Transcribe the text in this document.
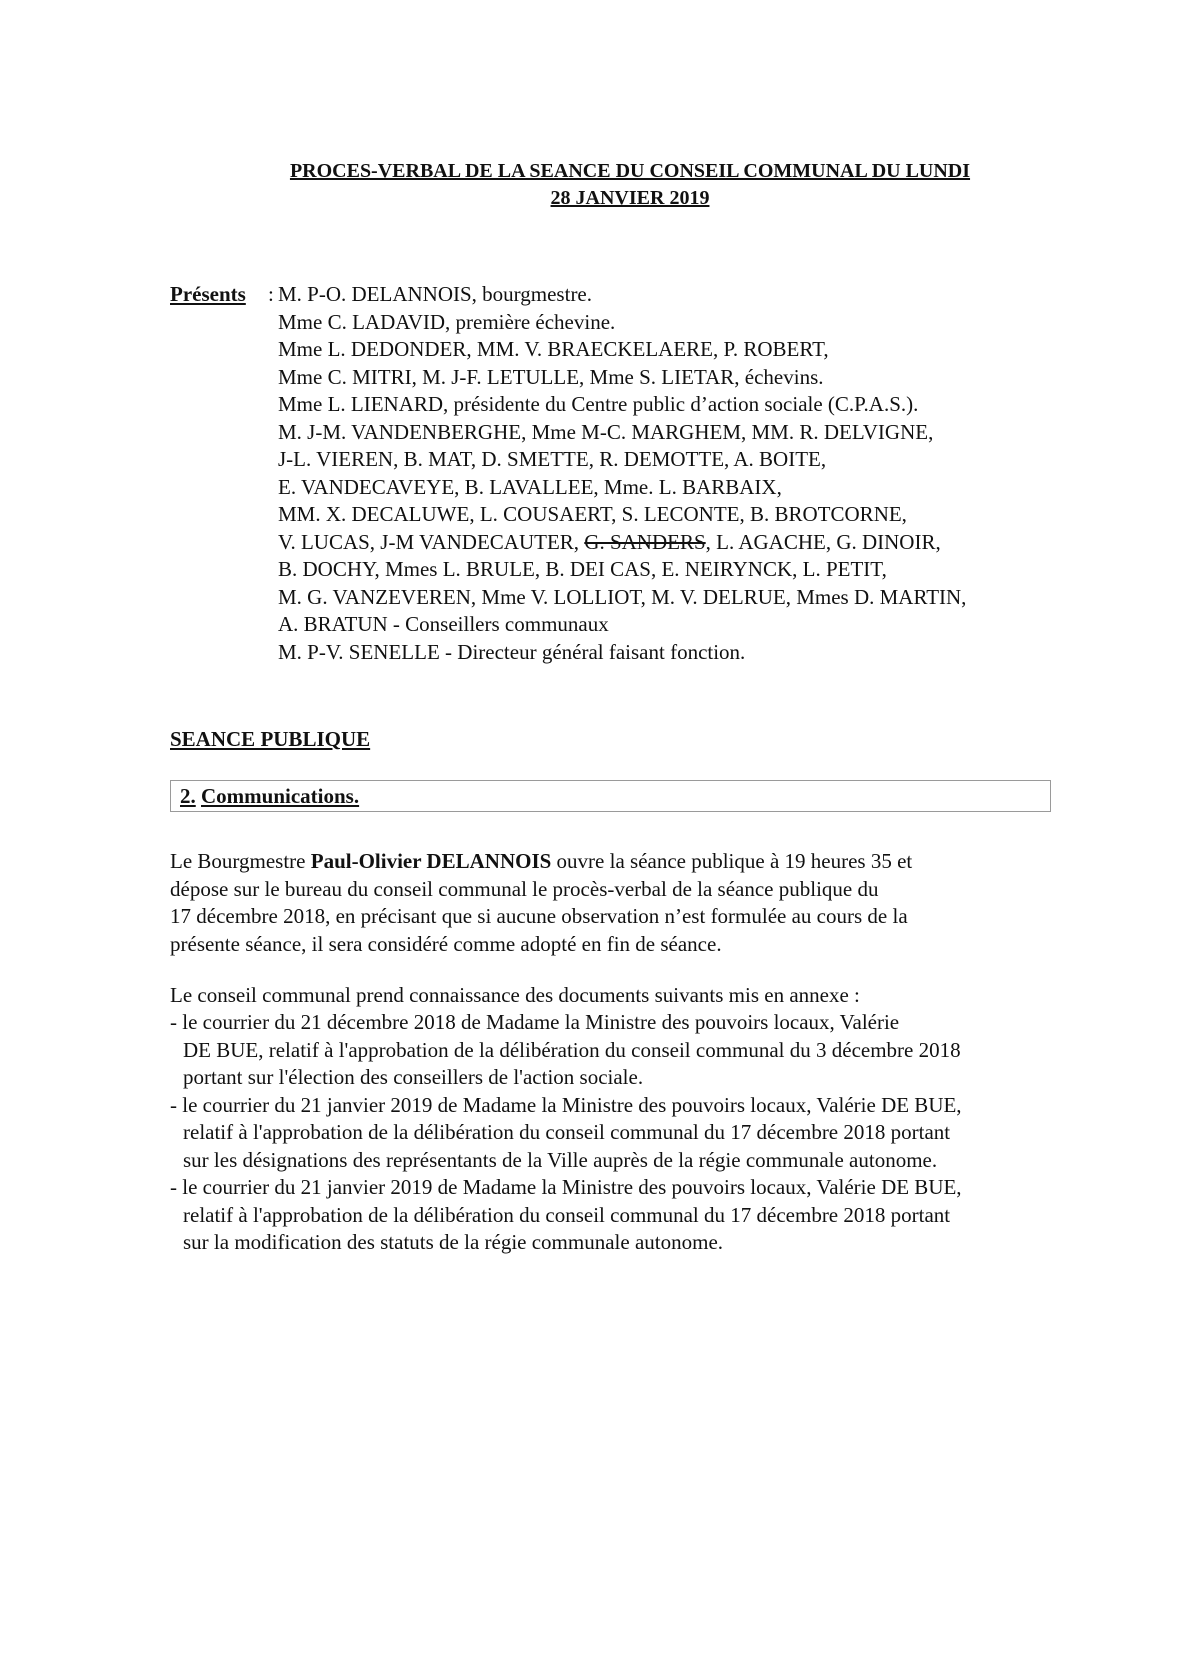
PROCES-VERBAL DE LA SEANCE DU CONSEIL COMMUNAL DU LUNDI
28 JANVIER 2019
Présents : M. P-O. DELANNOIS, bourgmestre.
Mme C. LADAVID, première échevine.
Mme L. DEDONDER, MM. V. BRAECKELAERE, P. ROBERT,
Mme C. MITRI, M. J-F. LETULLE, Mme S. LIETAR, échevins.
Mme L. LIENARD, présidente du Centre public d’action sociale (C.P.A.S.).
M. J-M. VANDENBERGHE, Mme M-C. MARGHEM, MM. R. DELVIGNE,
J-L. VIEREN, B. MAT, D. SMETTE, R. DEMOTTE, A. BOITE,
E. VANDECAVEYE, B. LAVALLEE, Mme. L. BARBAIX,
MM. X. DECALUWE, L. COUSAERT, S. LECONTE, B. BROTCORNE,
V. LUCAS, J-M VANDECAUTER, G. SANDERS, L. AGACHE, G. DINOIR,
B. DOCHY, Mmes L. BRULE, B. DEI CAS, E. NEIRYNCK, L. PETIT,
M. G. VANZEVEREN, Mme V. LOLLIOT, M. V. DELRUE, Mmes D. MARTIN,
A. BRATUN - Conseillers communaux
M. P-V. SENELLE - Directeur général faisant fonction.
SEANCE PUBLIQUE
2. Communications.
Le Bourgmestre Paul-Olivier DELANNOIS ouvre la séance publique à 19 heures 35 et
dépose sur le bureau du conseil communal le procès-verbal de la séance publique du
17 décembre 2018, en précisant que si aucune observation n’est formulée au cours de la
présente séance, il sera considéré comme adopté en fin de séance.
Le conseil communal prend connaissance des documents suivants mis en annexe :
- le courrier du 21 décembre 2018 de Madame la Ministre des pouvoirs locaux, Valérie
DE BUE, relatif à l'approbation de la délibération du conseil communal du 3 décembre 2018
portant sur l'élection des conseillers de l'action sociale.
- le courrier du 21 janvier 2019 de Madame la Ministre des pouvoirs locaux, Valérie DE BUE,
relatif à l'approbation de la délibération du conseil communal du 17 décembre 2018 portant
sur les désignations des représentants de la Ville auprès de la régie communale autonome.
- le courrier du 21 janvier 2019 de Madame la Ministre des pouvoirs locaux, Valérie DE BUE,
relatif à l'approbation de la délibération du conseil communal du 17 décembre 2018 portant
sur la modification des statuts de la régie communale autonome.
